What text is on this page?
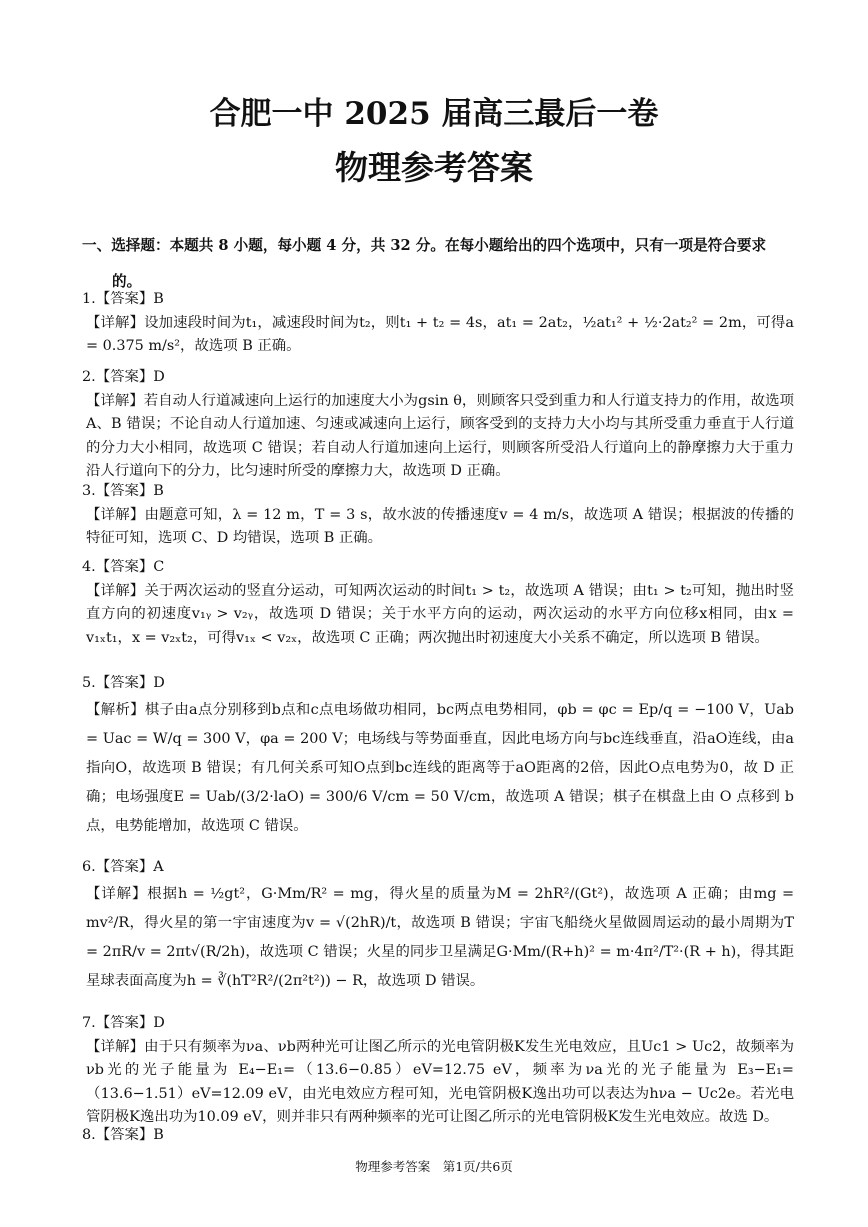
合肥一中 2025 届高三最后一卷
物理参考答案

一、选择题：本题共 8 小题，每小题 4 分，共 32 分。在每小题给出的四个选项中，只有一项是符合要求
的。

1.【答案】B

【详解】设加速段时间为t₁，减速段时间为t₂，则t₁ + t₂ = 4s，at₁ = 2at₂，½at₁² + ½·2at₂² = 2m，可得a = 0.375 m/s²，故选项 B 正确。

2.【答案】D

【详解】若自动人行道减速向上运行的加速度大小为gsin θ，则顾客只受到重力和人行道支持力的作用，故选项 A、B 错误；不论自动人行道加速、匀速或减速向上运行，顾客受到的支持力大小均与其所受重力垂直于人行道的分力大小相同，故选项 C 错误；若自动人行道加速向上运行，则顾客所受沿人行道向上的静摩擦力大于重力沿人行道向下的分力，比匀速时所受的摩擦力大，故选项 D 正确。

3.【答案】B

【详解】由题意可知，λ = 12 m，T = 3 s，故水波的传播速度v = 4 m/s，故选项 A 错误；根据波的传播的特征可知，选项 C、D 均错误，选项 B 正确。

4.【答案】C

【详解】关于两次运动的竖直分运动，可知两次运动的时间t₁ > t₂，故选项 A 错误；由t₁ > t₂可知，抛出时竖直方向的初速度v₁ᵧ > v₂ᵧ，故选项 D 错误；关于水平方向的运动，两次运动的水平方向位移x相同，由x = v₁ₓt₁，x = v₂ₓt₂，可得v₁ₓ < v₂ₓ，故选项 C 正确；两次抛出时初速度大小关系不确定，所以选项 B 错误。

5.【答案】D

【解析】棋子由a点分别移到b点和c点电场做功相同，bc两点电势相同，φb = φc = Ep/q = −100 V，Uab = Uac = W/q = 300 V，φa = 200 V；电场线与等势面垂直，因此电场方向与bc连线垂直，沿aO连线，由a指向O，故选项 B 错误；有几何关系可知O点到bc连线的距离等于aO距离的2倍，因此O点电势为0，故 D 正确；电场强度E = Uab/(3/2·laO) = 300/6 V/cm = 50 V/cm，故选项 A 错误；棋子在棋盘上由 O 点移到 b 点，电势能增加，故选项 C 错误。

6.【答案】A

【详解】根据h = ½gt²，G·Mm/R² = mg，得火星的质量为M = 2hR²/(Gt²)，故选项 A 正确；由mg = mv²/R，得火星的第一宇宙速度为v = √(2hR)/t，故选项 B 错误；宇宙飞船绕火星做圆周运动的最小周期为T = 2πR/v = 2πt√(R/2h)，故选项 C 错误；火星的同步卫星满足G·Mm/(R+h)² = m·4π²/T²·(R + h)，得其距星球表面高度为h = ∛(hT²R²/(2π²t²)) − R，故选项 D 错误。

7.【答案】D

【详解】由于只有频率为νa、νb两种光可让图乙所示的光电管阴极K发生光电效应，且Uc1 > Uc2，故频率为νb光的光子能量为 E₄−E₁=（13.6−0.85）eV=12.75 eV，频率为νa光的光子能量为 E₃−E₁=（13.6−1.51）eV=12.09 eV，由光电效应方程可知，光电管阴极K逸出功可以表达为hνa − Uc2e。若光电管阴极K逸出功为10.09 eV，则并非只有两种频率的光可让图乙所示的光电管阴极K发生光电效应。故选 D。

8.【答案】B

物理参考答案　第1页/共6页
